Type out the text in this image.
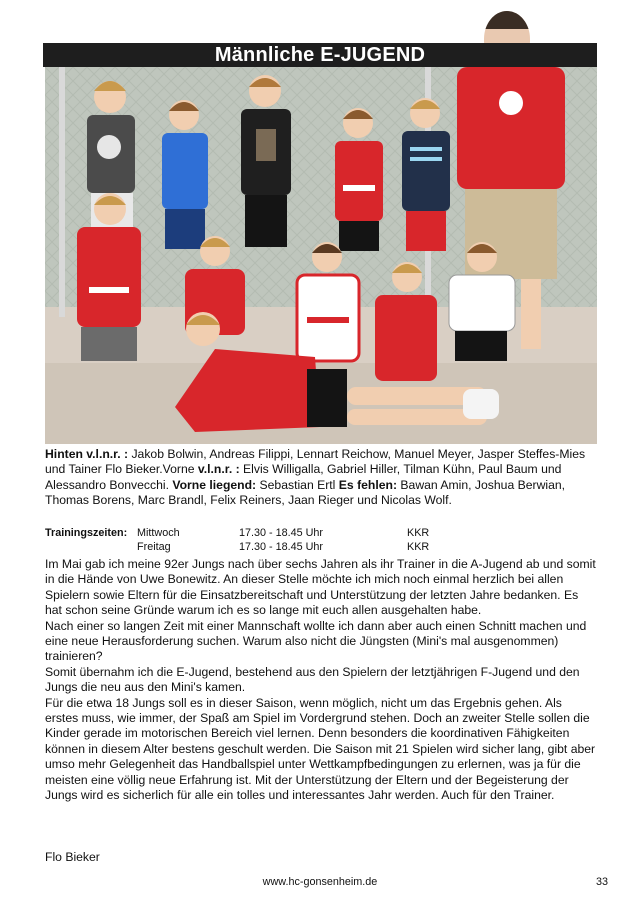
Männliche E-JUGEND
Hinten v.l.n.r. : Jakob Bolwin, Andreas Filippi, Lennart Reichow, Manuel Meyer, Jasper Steffes-Mies und Tainer Flo Bieker.Vorne v.l.n.r. : Elvis Willigalla, Gabriel Hiller, Tilman Kühn, Paul Baum und Alessandro Bonvecchi. Vorne liegend: Sebastian Ertl Es fehlen: Bawan Amin, Joshua Berwian, Thomas Borens, Marc Brandl, Felix Reiners, Jaan Rieger und Nicolas Wolf.
Trainingszeiten: Mittwoch	17.30 - 18.45 Uhr	KKR
Freitag	17.30 - 18.45 Uhr	KKR

Im Mai gab ich meine 92er Jungs nach über sechs Jahren als ihr Trainer in die A-Jugend ab und somit in die Hände von Uwe Bonewitz. An dieser Stelle möchte ich mich noch einmal herzlich bei allen Spielern sowie Eltern für die Einsatzbereitschaft und Unterstützung der letzten Jahre bedanken. Es hat schon seine Gründe warum ich es so lange mit euch allen ausgehalten habe.

Nach einer so langen Zeit mit einer Mannschaft wollte ich dann aber auch einen Schnitt machen und eine neue Herausforderung suchen. Warum also nicht die Jüngsten (Mini's mal ausgenommen) trainieren?

Somit übernahm ich die E-Jugend, bestehend aus den Spielern der letztjährigen F-Jugend und den Jungs die neu aus den Mini's kamen.

Für die etwa 18 Jungs soll es in dieser Saison, wenn möglich, nicht um das Ergebnis gehen. Als erstes muss, wie immer, der Spaß am Spiel im Vordergrund stehen. Doch an zweiter Stelle sollen die Kinder gerade im motorischen Bereich viel lernen. Denn besonders die koordinativen Fähigkeiten können in diesem Alter bestens geschult werden. Die Saison mit 21 Spielen wird sicher lang, gibt aber umso mehr Gelegenheit das Handballspiel unter Wettkampfbedingungen zu erlernen, was ja für die meisten eine völlig neue Erfahrung ist. Mit der Unterstützung der Eltern und der Begeisterung der Jungs wird es sicherlich für alle ein tolles und interessantes Jahr werden. Auch für den Trainer.

Flo Bieker
www.hc-gonsenheim.de	33
